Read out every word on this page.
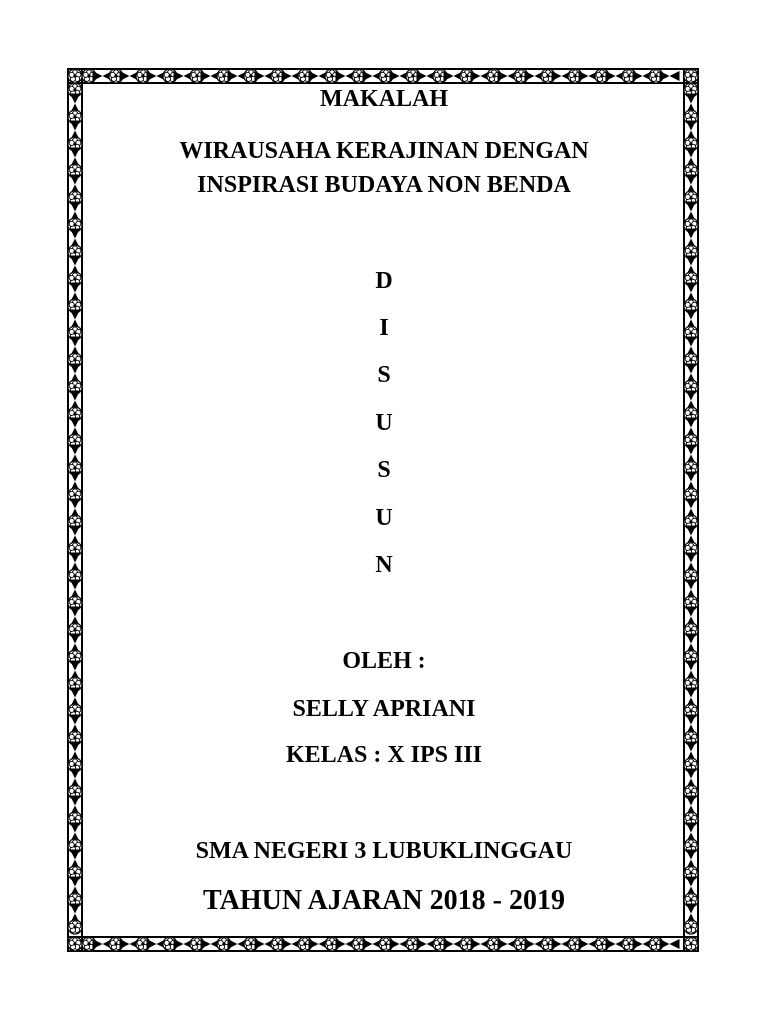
MAKALAH
WIRAUSAHA KERAJINAN DENGAN
INSPIRASI BUDAYA NON BENDA
D
I
S
U
S
U
N
OLEH :
SELLY APRIANI
KELAS : X IPS III
SMA NEGERI 3 LUBUKLINGGAU
TAHUN AJARAN 2018 - 2019
